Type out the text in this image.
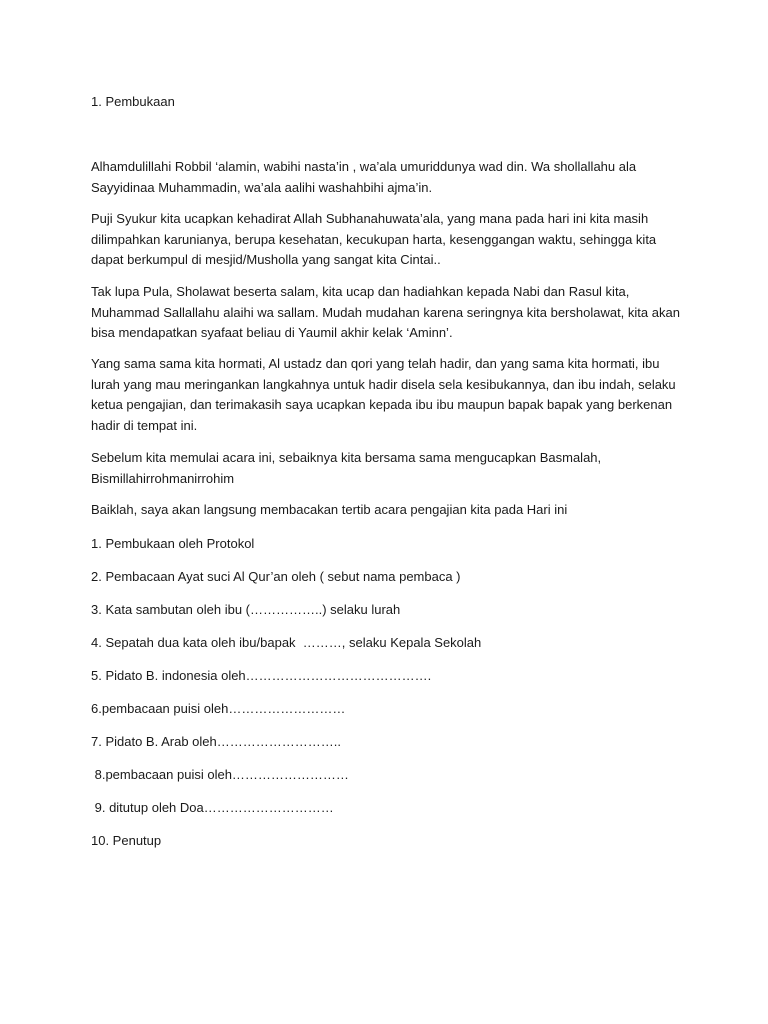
1. Pembukaan

Alhamdulillahi Robbil ‘alamin, wabihi nasta’in , wa’ala umuriddunya wad din. Wa shollallahu ala Sayyidinaa Muhammadin, wa’ala aalihi washahbihi ajma’in.

Puji Syukur kita ucapkan kehadirat Allah Subhanahuwata’ala, yang mana pada hari ini kita masih dilimpahkan karunianya, berupa kesehatan, kecukupan harta, kesenggangan waktu, sehingga kita dapat berkumpul di mesjid/Musholla yang sangat kita Cintai..

Tak lupa Pula, Sholawat beserta salam, kita ucap dan hadiahkan kepada Nabi dan Rasul kita, Muhammad Sallallahu alaihi wa sallam. Mudah mudahan karena seringnya kita bersholawat, kita akan bisa mendapatkan syafaat beliau di Yaumil akhir kelak ‘Aminn’.

Yang sama sama kita hormati, Al ustadz dan qori yang telah hadir, dan yang sama kita hormati, ibu lurah yang mau meringankan langkahnya untuk hadir disela sela kesibukannya, dan ibu indah, selaku ketua pengajian, dan terimakasih saya ucapkan kepada ibu ibu maupun bapak bapak yang berkenan hadir di tempat ini.

Sebelum kita memulai acara ini, sebaiknya kita bersama sama mengucapkan Basmalah, Bismillahirrohmanirrohim

Baiklah, saya akan langsung membacakan tertib acara pengajian kita pada Hari ini

1. Pembukaan oleh Protokol

2. Pembacaan Ayat suci Al Qur’an oleh ( sebut nama pembaca )

3. Kata sambutan oleh ibu (……………..) selaku lurah

4. Sepatah dua kata oleh ibu/bapak  ………, selaku Kepala Sekolah

5. Pidato B. indonesia oleh…………………………………….

6.pembacaan puisi oleh………………………

7. Pidato B. Arab oleh………………………..

8.pembacaan puisi oleh………………………

9. ditutup oleh Doa…………………………

10. Penutup
